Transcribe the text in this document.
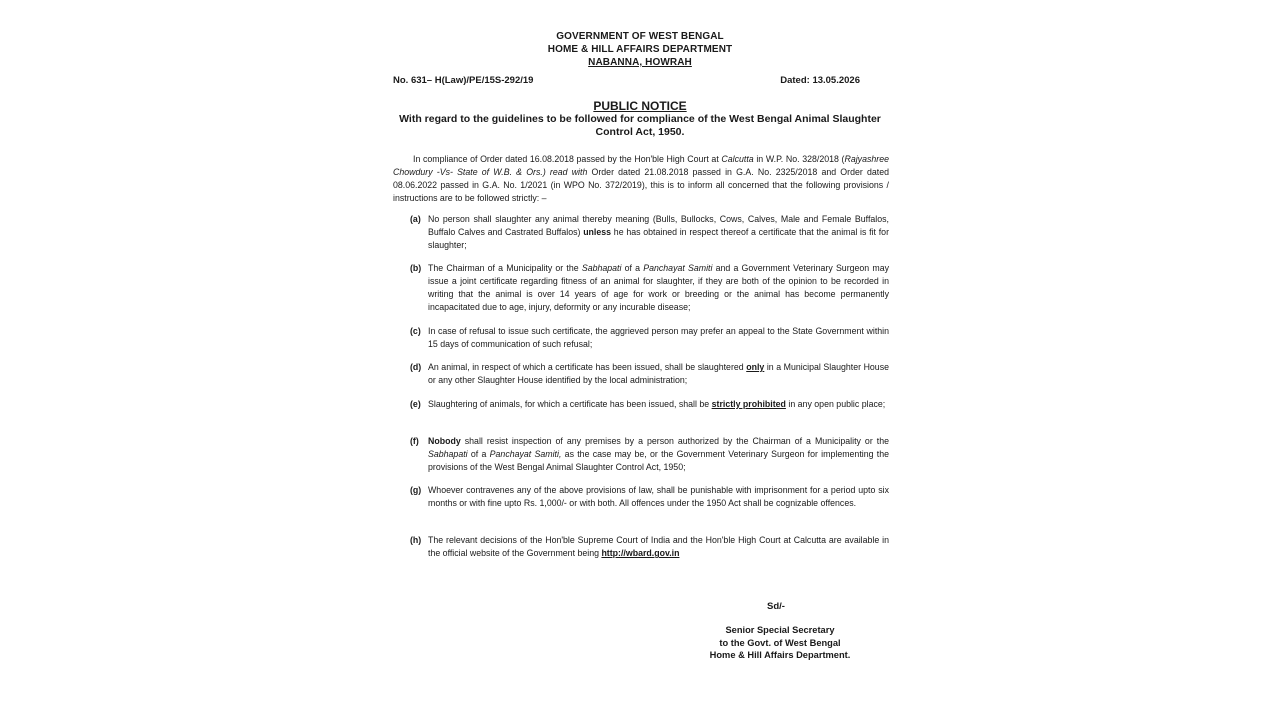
GOVERNMENT OF WEST BENGAL
HOME & HILL AFFAIRS DEPARTMENT
NABANNA, HOWRAH
No. 631– H(Law)/PE/15S-292/19	Dated: 13.05.2026
PUBLIC NOTICE
With regard to the guidelines to be followed for compliance of the West Bengal Animal Slaughter Control Act, 1950.
In compliance of Order dated 16.08.2018 passed by the Hon'ble High Court at Calcutta in W.P. No. 328/2018 (Rajyashree Chowdury -Vs- State of W.B. & Ors.) read with Order dated 21.08.2018 passed in G.A. No. 2325/2018 and Order dated 08.06.2022 passed in G.A. No. 1/2021 (in WPO No. 372/2019), this is to inform all concerned that the following provisions / instructions are to be followed strictly: –
(a) No person shall slaughter any animal thereby meaning (Bulls, Bullocks, Cows, Calves, Male and Female Buffalos, Buffalo Calves and Castrated Buffalos) unless he has obtained in respect thereof a certificate that the animal is fit for slaughter;
(b) The Chairman of a Municipality or the Sabhapati of a Panchayat Samiti and a Government Veterinary Surgeon may issue a joint certificate regarding fitness of an animal for slaughter, if they are both of the opinion to be recorded in writing that the animal is over 14 years of age for work or breeding or the animal has become permanently incapacitated due to age, injury, deformity or any incurable disease;
(c) In case of refusal to issue such certificate, the aggrieved person may prefer an appeal to the State Government within 15 days of communication of such refusal;
(d) An animal, in respect of which a certificate has been issued, shall be slaughtered only in a Municipal Slaughter House or any other Slaughter House identified by the local administration;
(e) Slaughtering of animals, for which a certificate has been issued, shall be strictly prohibited in any open public place;
(f)	Nobody shall resist inspection of any premises by a person authorized by the Chairman of a Municipality or the Sabhapati of a Panchayat Samiti, as the case may be, or the Government Veterinary Surgeon for implementing the provisions of the West Bengal Animal Slaughter Control Act, 1950;
(g) Whoever contravenes any of the above provisions of law, shall be punishable with imprisonment for a period upto six months or with fine upto Rs. 1,000/- or with both. All offences under the 1950 Act shall be cognizable offences.
(h) The relevant decisions of the Hon'ble Supreme Court of India and the Hon'ble High Court at Calcutta are available in the official website of the Government being http://wbard.gov.in
Sd/-
Senior Special Secretary
to the Govt. of West Bengal
Home & Hill Affairs Department.
